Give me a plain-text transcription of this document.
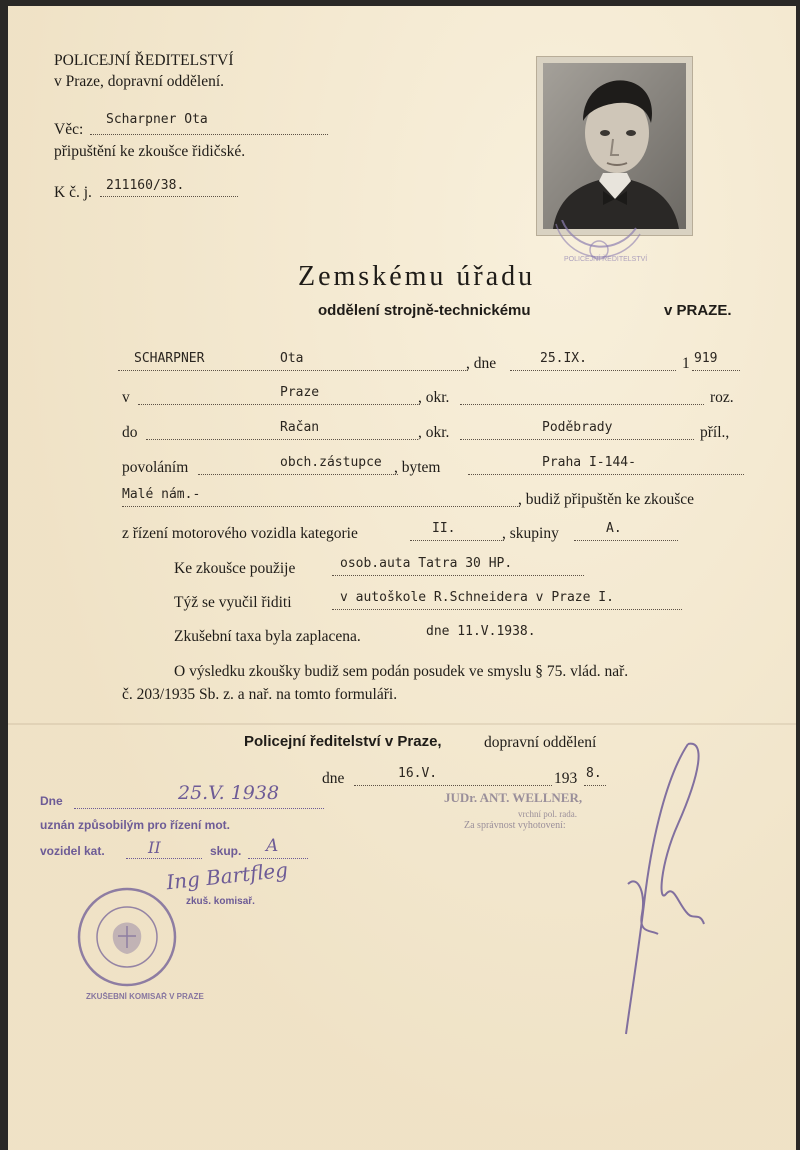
POLICEJNÍ ŘEDITELSTVÍ
v Praze, dopravní oddělení.
Věc:
Scharpner Ota
připuštění ke zkoušce řidičské.
K č. j. 211160/38.
POLICEJNÍ ŘEDITELSTVÍ
Zemskému úřadu
oddělení strojně-technickému	v PRAZE.
SCHARPNER	Ota	, dne	25.IX.	1 919
v	Praze	, okr.	roz.
do	Račan	, okr.	Poděbrady	příl.,
povoláním	obch.zástupce , bytem	Praha I-144-
Malé nám.-	, budiž připuštěn ke zkoušce
z řízení motorového vozidla kategorie	II.	, skupiny	A.
Ke zkoušce použije	osob.auta Tatra 30 HP.
Týž se vyučil řiditi	v autoškole R.Schneidera v Praze I.
Zkušební taxa byla zaplacena.	dne 11.V.1938.
O výsledku zkoušky budiž sem podán posudek ve smyslu § 75. vlád. nař.
č. 203/1935 Sb. z. a nař. na tomto formuláři.
Policejní ředitelství v Praze,	dopravní oddělení
dne	16.V.	193 8.
JUDr. ANT. WELLNER,
vrchní pol. rada.
Za správnost vyhotovení:
Dne	25.V. 1938
uznán způsobilým pro řízení mot.
vozidel kat.	II	skup. A
Ing Bartfleg
zkuš. komisař.
ZKUŠEBNÍ KOMISAŘ V PRAZE
